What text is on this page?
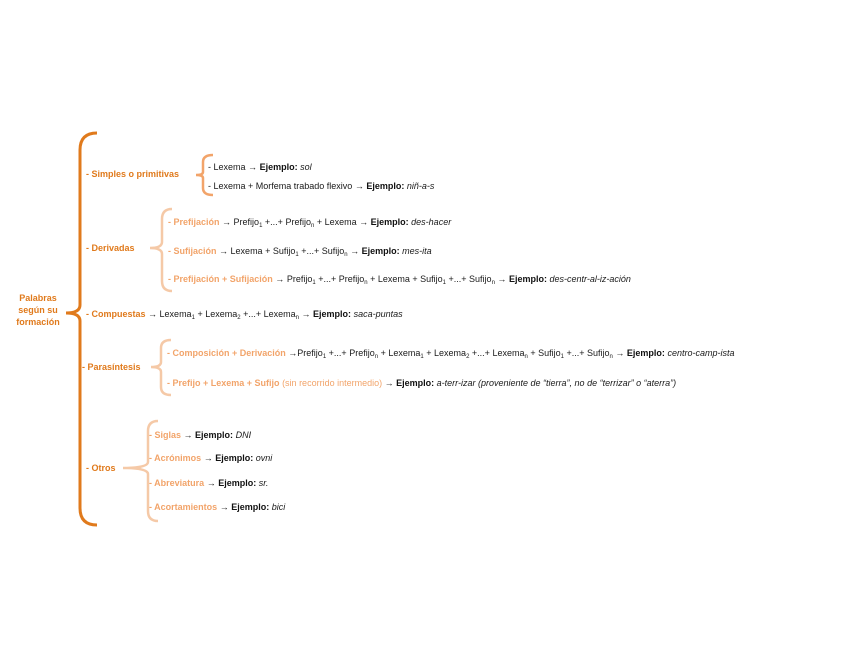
Palabras
según su
formación
- Simples o primitivas
- Lexema → Ejemplo: sol
- Lexema + Morfema trabado flexivo → Ejemplo: niñ-a-s
- Derivadas
- Prefijación → Prefijo$_1$ +...+ Prefijo$_n$ + Lexema → Ejemplo: des-hacer
- Sufijación → Lexema + Sufijo$_1$ +...+ Sufijo$_n$ → Ejemplo: mes-ita
- Prefijación + Sufijación → Prefijo$_1$ +...+ Prefijo$_n$ + Lexema + Sufijo$_1$ +...+ Sufijo$_n$ → Ejemplo: des-centr-al-iz-ación
- Compuestas → Lexema$_1$ + Lexema$_2$ +...+ Lexema$_n$ → Ejemplo: saca-puntas
- Parasíntesis
- Composición + Derivación →Prefijo$_1$ +...+ Prefijo$_n$ + Lexema$_1$ + Lexema$_2$ +...+ Lexema$_n$ + Sufijo$_1$ +...+ Sufijo$_n$ → Ejemplo: centro-camp-ista
- Prefijo + Lexema + Sufijo (sin recorrido intermedio) → Ejemplo: a-terr-izar (proveniente de “tierra”, no de “terrizar” o “aterra”)
- Otros
- Siglas → Ejemplo: DNI
- Acrónimos → Ejemplo: ovni
- Abreviatura → Ejemplo: sr.
- Acortamientos → Ejemplo: bici
